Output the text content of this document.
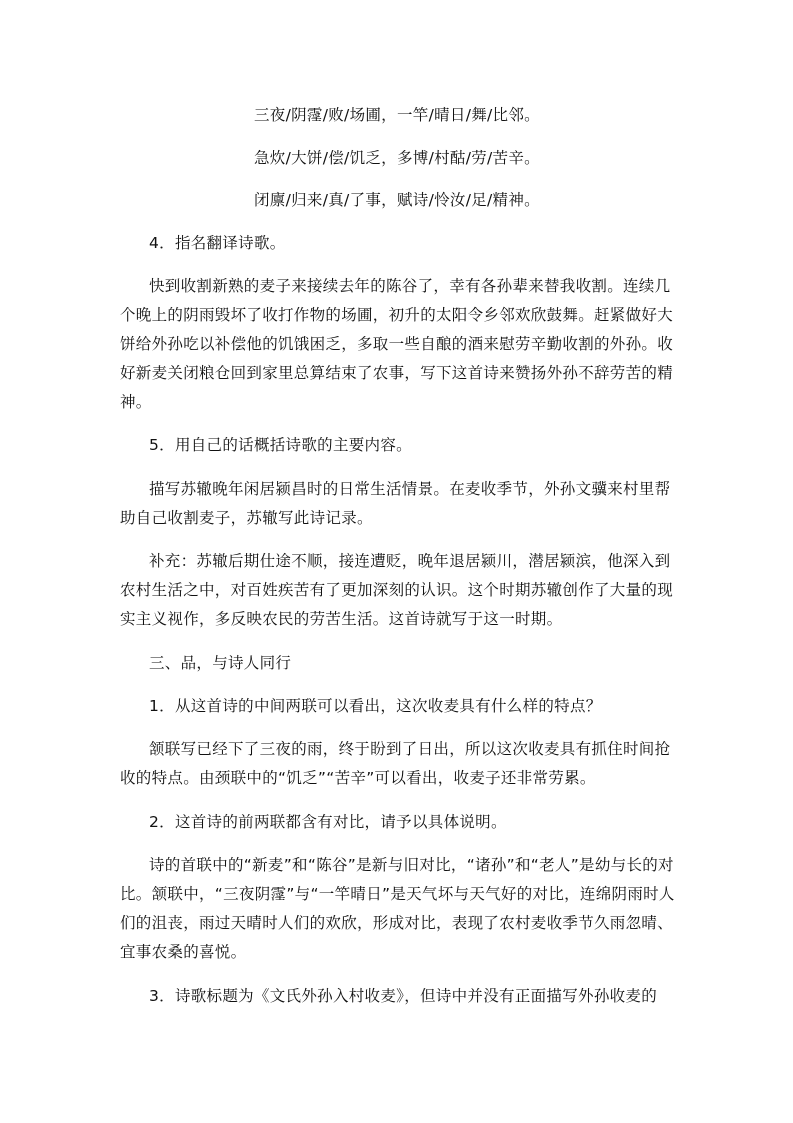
三夜/阴霪/败/场圃，一竿/晴日/舞/比邻。

急炊/大饼/偿/饥乏，多博/村酤/劳/苦辛。

闭廪/归来/真/了事，赋诗/怜汝/足/精神。

4．指名翻译诗歌。

快到收割新熟的麦子来接续去年的陈谷了，幸有各孙辈来替我收割。连续几个晚上的阴雨毁坏了收打作物的场圃，初升的太阳令乡邻欢欣鼓舞。赶紧做好大饼给外孙吃以补偿他的饥饿困乏，多取一些自酿的酒来慰劳辛勤收割的外孙。收好新麦关闭粮仓回到家里总算结束了农事，写下这首诗来赞扬外孙不辞劳苦的精神。

5．用自己的话概括诗歌的主要内容。

描写苏辙晚年闲居颍昌时的日常生活情景。在麦收季节，外孙文骥来村里帮助自己收割麦子，苏辙写此诗记录。

补充：苏辙后期仕途不顺，接连遭贬，晚年退居颍川，潜居颍滨，他深入到农村生活之中，对百姓疾苦有了更加深刻的认识。这个时期苏辙创作了大量的现实主义视作，多反映农民的劳苦生活。这首诗就写于这一时期。

三、品，与诗人同行

1．从这首诗的中间两联可以看出，这次收麦具有什么样的特点？

颔联写已经下了三夜的雨，终于盼到了日出，所以这次收麦具有抓住时间抢收的特点。由颈联中的“饥乏”“苦辛”可以看出，收麦子还非常劳累。

2．这首诗的前两联都含有对比，请予以具体说明。

诗的首联中的“新麦”和“陈谷”是新与旧对比，“诸孙”和“老人”是幼与长的对比。颔联中，“三夜阴霪”与“一竿晴日”是天气坏与天气好的对比，连绵阴雨时人们的沮丧，雨过天晴时人们的欢欣，形成对比，表现了农村麦收季节久雨忽晴、宜事农桑的喜悦。

3．诗歌标题为《文氏外孙入村收麦》，但诗中并没有正面描写外孙收麦的
